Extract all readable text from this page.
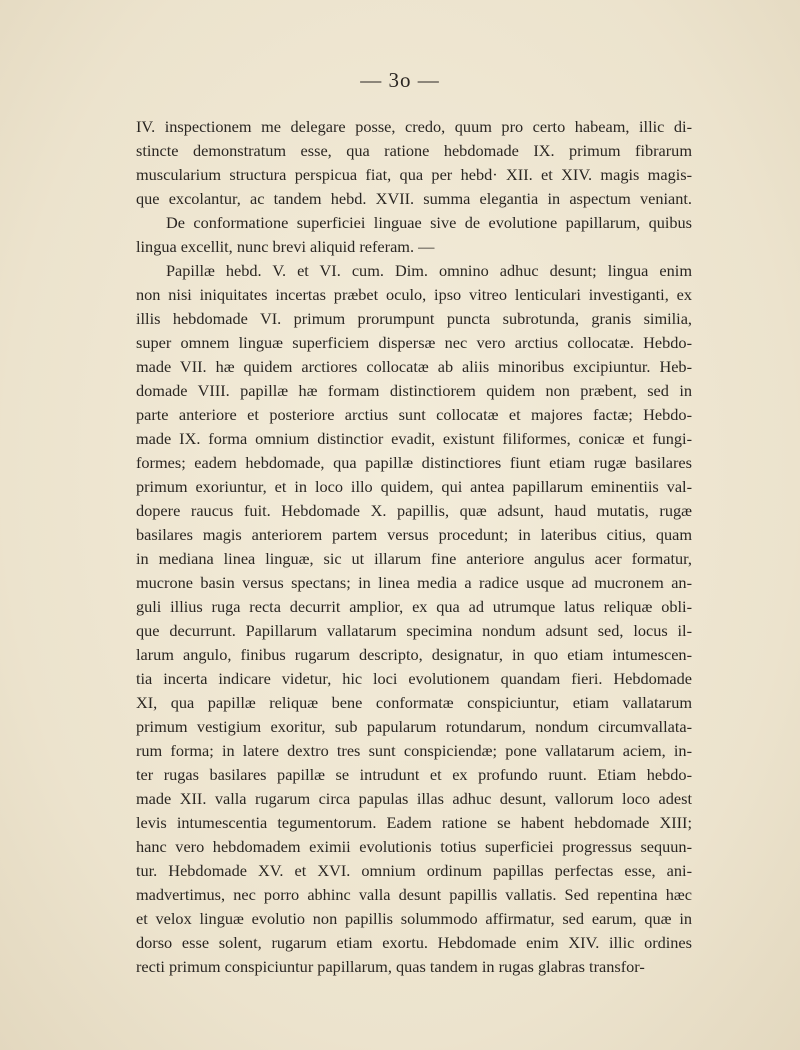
— 3o —

IV. inspectionem me delegare posse, credo, quum pro certo habeam, illic di-
stincte demonstratum esse, qua ratione hebdomade IX. primum fibrarum
muscularium structura perspicua fiat, qua per hebd· XII. et XIV. magis magis-
que excolantur, ac tandem hebd. XVII. summa elegantia in aspectum veniant.
De conformatione superficiei linguae sive de evolutione papillarum, quibus
lingua excellit, nunc brevi aliquid referam. —
Papillæ hebd. V. et VI. cum. Dim. omnino adhuc desunt; lingua enim
non nisi iniquitates incertas præbet oculo, ipso vitreo lenticulari investiganti, ex
illis hebdomade VI. primum prorumpunt puncta subrotunda, granis similia,
super omnem linguæ superficiem dispersæ nec vero arctius collocatæ. Hebdo-
made VII. hæ quidem arctiores collocatæ ab aliis minoribus excipiuntur. Heb-
domade VIII. papillæ hæ formam distinctiorem quidem non præbent, sed in
parte anteriore et posteriore arctius sunt collocatæ et majores factæ; Hebdo-
made IX. forma omnium distinctior evadit, existunt filiformes, conicæ et fungi-
formes; eadem hebdomade, qua papillæ distinctiores fiunt etiam rugæ basilares
primum exoriuntur, et in loco illo quidem, qui antea papillarum eminentiis val-
dopere raucus fuit. Hebdomade X. papillis, quæ adsunt, haud mutatis, rugæ
basilares magis anteriorem partem versus procedunt; in lateribus citius, quam
in mediana linea linguæ, sic ut illarum fine anteriore angulus acer formatur,
mucrone basin versus spectans; in linea media a radice usque ad mucronem an-
guli illius ruga recta decurrit amplior, ex qua ad utrumque latus reliquæ obli-
que decurrunt. Papillarum vallatarum specimina nondum adsunt sed, locus il-
larum angulo, finibus rugarum descripto, designatur, in quo etiam intumescen-
tia incerta indicare videtur, hic loci evolutionem quandam fieri. Hebdomade
XI, qua papillæ reliquæ bene conformatæ conspiciuntur, etiam vallatarum
primum vestigium exoritur, sub papularum rotundarum, nondum circumvallata-
rum forma; in latere dextro tres sunt conspiciendæ; pone vallatarum aciem, in-
ter rugas basilares papillæ se intrudunt et ex profundo ruunt. Etiam hebdo-
made XII. valla rugarum circa papulas illas adhuc desunt, vallorum loco adest
levis intumescentia tegumentorum. Eadem ratione se habent hebdomade XIII;
hanc vero hebdomadem eximii evolutionis totius superficiei progressus sequun-
tur. Hebdomade XV. et XVI. omnium ordinum papillas perfectas esse, ani-
madvertimus, nec porro abhinc valla desunt papillis vallatis. Sed repentina hæc
et velox linguæ evolutio non papillis solummodo affirmatur, sed earum, quæ in
dorso esse solent, rugarum etiam exortu. Hebdomade enim XIV. illic ordines
recti primum conspiciuntur papillarum, quas tandem in rugas glabras transfor-
